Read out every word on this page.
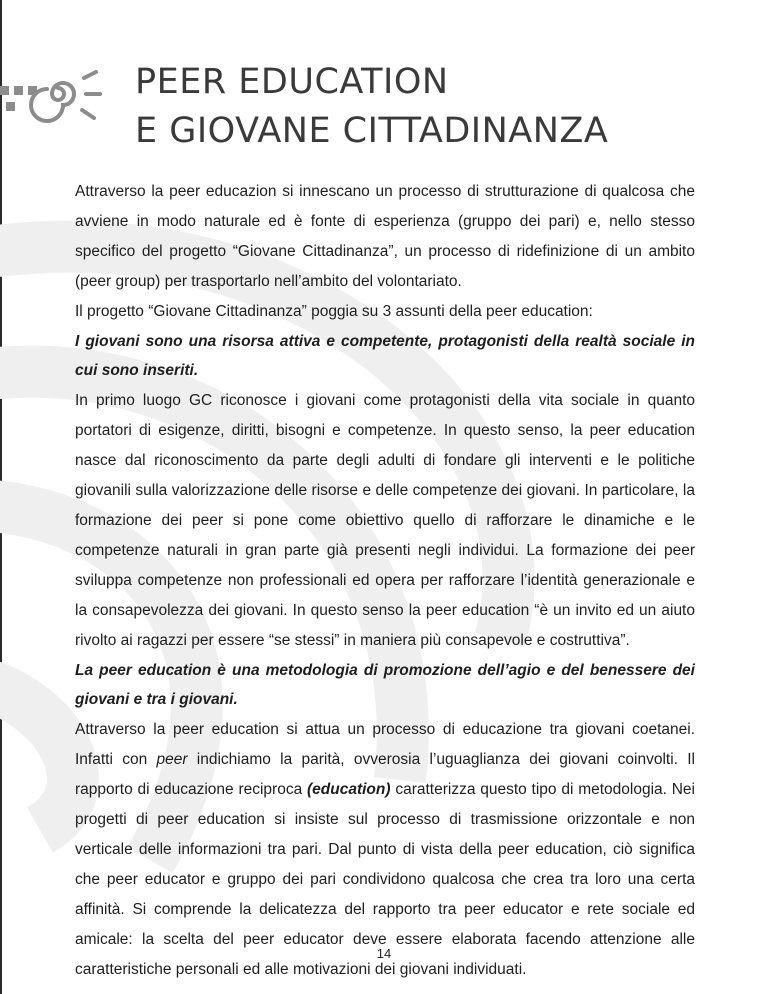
PEER EDUCATION
E GIOVANE CITTADINANZA

Attraverso la peer educazion si innescano un processo di strutturazione di qualcosa che avviene in modo naturale ed è fonte di esperienza (gruppo dei pari) e, nello stesso specifico del progetto “Giovane Cittadinanza”, un processo di ridefinizione di un ambito (peer group) per trasportarlo nell’ambito del volontariato.

Il progetto “Giovane Cittadinanza” poggia su 3 assunti della peer education:

I giovani sono una risorsa attiva e competente, protagonisti della realtà sociale in cui sono inseriti.

In primo luogo GC riconosce i giovani come protagonisti della vita sociale in quanto portatori di esigenze, diritti, bisogni e competenze. In questo senso, la peer education nasce dal riconoscimento da parte degli adulti di fondare gli interventi e le politiche giovanili sulla valorizzazione delle risorse e delle competenze dei giovani. In particolare, la formazione dei peer si pone come obiettivo quello di rafforzare le dinamiche e le competenze naturali in gran parte già presenti negli individui. La formazione dei peer sviluppa competenze non professionali ed opera per rafforzare l’identità generazionale e la consapevolezza dei giovani. In questo senso la peer education “è un invito ed un aiuto rivolto ai ragazzi per essere “se stessi” in maniera più consapevole e costruttiva”.

La peer education è una metodologia di promozione dell’agio e del benessere dei giovani e tra i giovani.

Attraverso la peer education si attua un processo di educazione tra giovani coetanei. Infatti con peer indichiamo la parità, ovverosia l’uguaglianza dei giovani coinvolti. Il rapporto di educazione reciproca (education) caratterizza questo tipo di metodologia. Nei progetti di peer education si insiste sul processo di trasmissione orizzontale e non verticale delle informazioni tra pari. Dal punto di vista della peer education, ciò significa che peer educator e gruppo dei pari condividono qualcosa che crea tra loro una certa affinità. Si comprende la delicatezza del rapporto tra peer educator e rete sociale ed amicale: la scelta del peer educator deve essere elaborata facendo attenzione alle caratteristiche personali ed alle motivazioni dei giovani individuati.

14
